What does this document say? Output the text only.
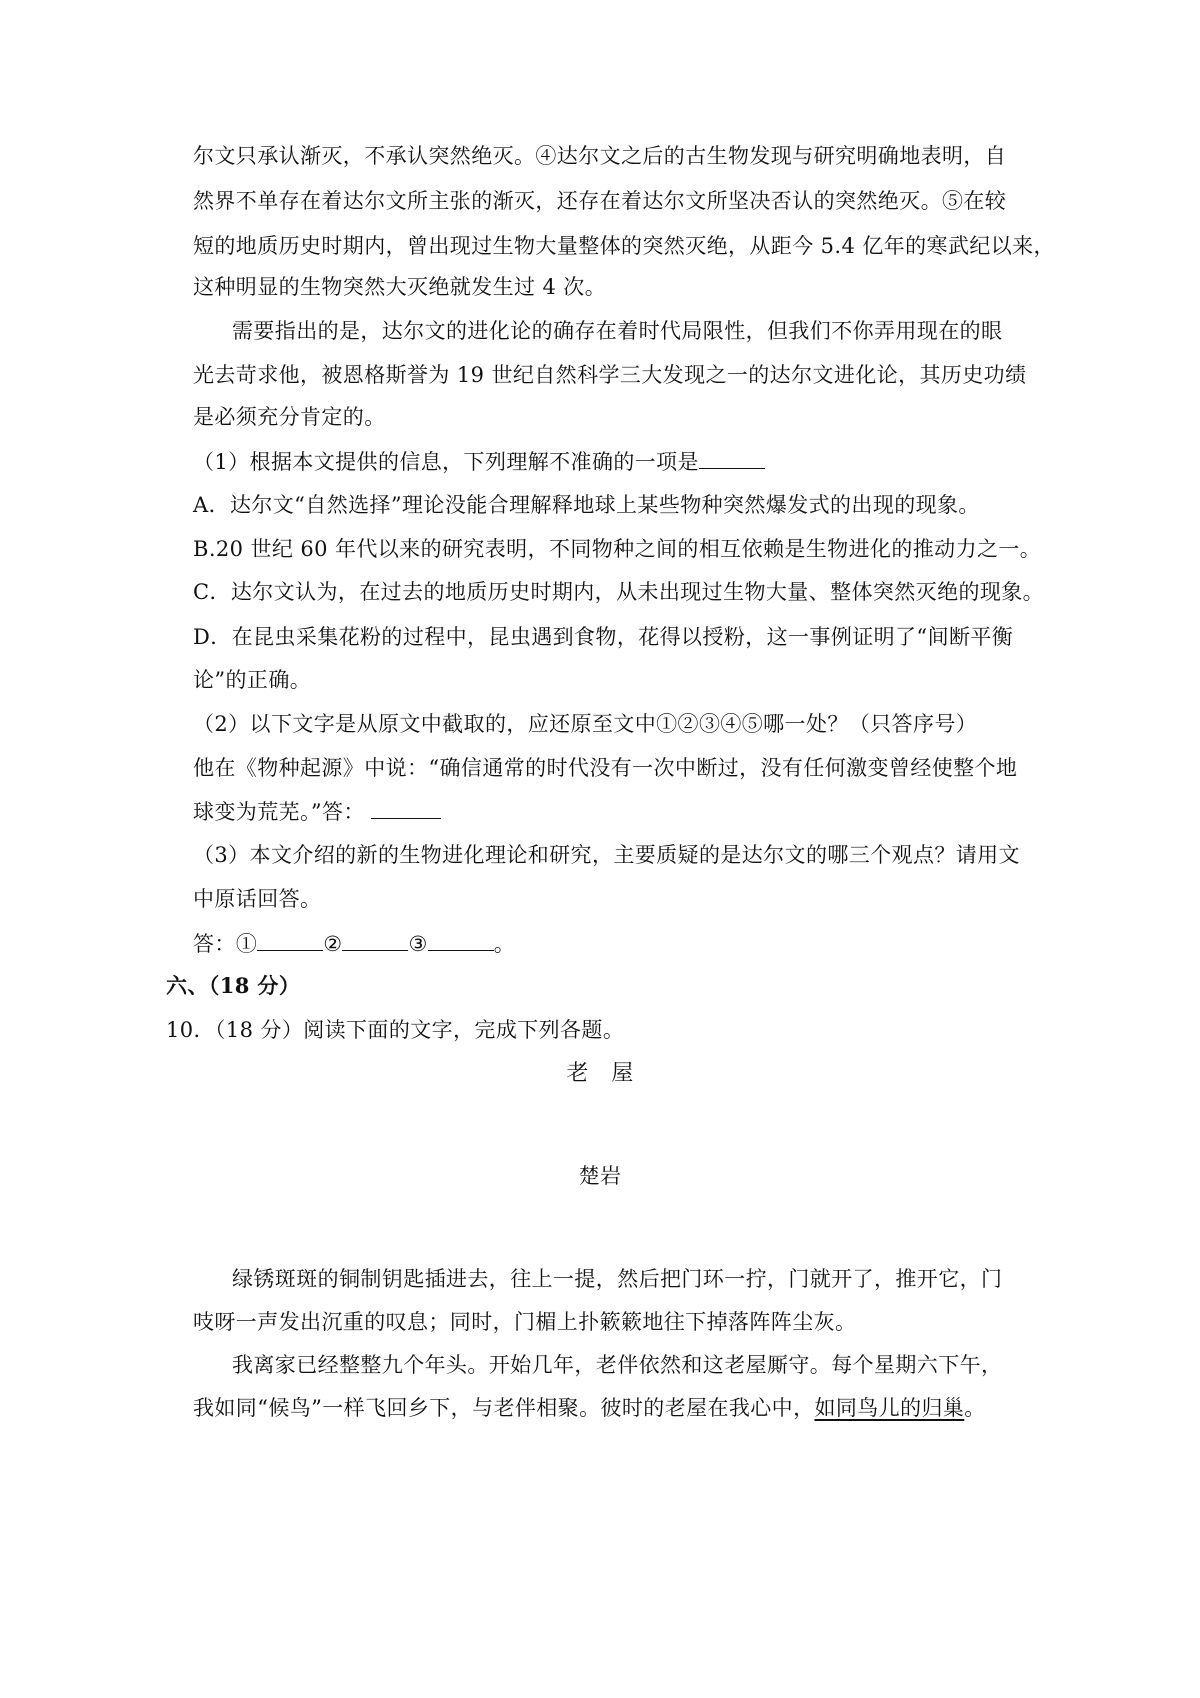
尔文只承认渐灭，不承认突然绝灭。④达尔文之后的古生物发现与研究明确地表明，自

然界不单存在着达尔文所主张的渐灭，还存在着达尔文所坚决否认的突然绝灭。⑤在较

短的地质历史时期内，曾出现过生物大量整体的突然灭绝，从距今 5.4 亿年的寒武纪以来，

这种明显的生物突然大灭绝就发生过 4 次。

需要指出的是，达尔文的进化论的确存在着时代局限性，但我们不你弄用现在的眼

光去苛求他，被恩格斯誉为 19 世纪自然科学三大发现之一的达尔文进化论，其历史功绩

是必须充分肯定的。

（1）根据本文提供的信息，下列理解不准确的一项是

A．达尔文“自然选择”理论没能合理解释地球上某些物种突然爆发式的出现的现象。

B.20 世纪 60 年代以来的研究表明，不同物种之间的相互依赖是生物进化的推动力之一。

C．达尔文认为，在过去的地质历史时期内，从未出现过生物大量、整体突然灭绝的现象。

D．在昆虫采集花粉的过程中，昆虫遇到食物，花得以授粉，这一事例证明了“间断平衡

论”的正确。

（2）以下文字是从原文中截取的，应还原至文中①②③④⑤哪一处？（只答序号）

他在《物种起源》中说：“确信通常的时代没有一次中断过，没有任何激变曾经使整个地

球变为荒芜。”答：

（3）本文介绍的新的生物进化理论和研究，主要质疑的是达尔文的哪三个观点？请用文

中原话回答。

答：①	②	③	。

六、（18 分）

10．（18 分）阅读下面的文字，完成下列各题。

老　屋

楚岩

绿锈斑斑的铜制钥匙插进去，往上一提，然后把门环一拧，门就开了，推开它，门

吱呀一声发出沉重的叹息；同时，门楣上扑簌簌地往下掉落阵阵尘灰。

我离家已经整整九个年头。开始几年，老伴依然和这老屋厮守。每个星期六下午，

我如同“候鸟”一样飞回乡下，与老伴相聚。彼时的老屋在我心中，如同鸟儿的归巢。
